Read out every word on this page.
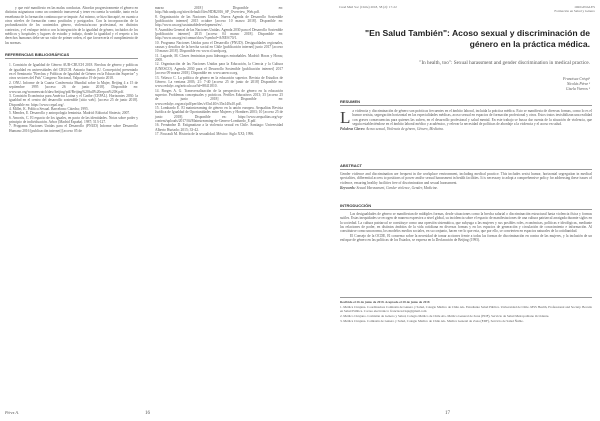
y que esté manifiesto en las malas conductas. Abordar progresivamente el género en distintas asignaturas como un contenido transversal y tener en cuenta la variable, tanto en la enseñanza de la formación continua que se impute. Así mismo, se hizo hincapié, en cuanto a otros niveles de formación como postítulos y postgrados. Con la incorporación de la profundización de los contenidos género, violencia/acoso profesional, en distintos contextos, y el enfoque teórico con la integración de la igualdad de género, incluidos de los médicos y hospitales y lugares de estudio y trabajo, donde la igualdad y el respeto a los derechos humanos debe ser un valor de primer orden, el que favorecería el cumplimiento de las normas.

REFERENCIAS BIBLIOGRÁFICAS

1. Comisión de Igualdad de Género AUR-CRUCH 2018. Brechas de género y políticas de igualdad en universidades del CRUCH. Antonia Santos (U. Concepción) presentado en el Seminario "Brechas y Políticas de Igualdad de Género en la Educación Superior" y otros sectores del País" Congreso Nacional, Valparaíso 19 de junio 2018.

2. ONU. Informe de la Cuarta Conferencia Mundial sobre la Mujer, Beijing 4 a 15 de septiembre 1995 [acceso 26 de junio 2018]. Disponible en: www.un.org/womenwatch/daw/beijing/pdf/Beijing%20full%20report%20S.pdf.

3. Comisión Económica para América Latina y el Caribe (CEPAL). Horizontes 2030: la igualdad en el centro del desarrollo sostenible [sitio web]. [acceso 25 de junio 2018]. Disponible en: https://www.cepal.org/.

4. Millet, K. Política Sexual. Barcelona: Cátedra; 1995.

5. Mendez, E. Desarrollo y antropología feminista. Madrid: Editorial Síntesis; 2007.

6. Amorós, C. El espacio de los iguales, en pacto de las identidades. Notas sobre poder y principio de individuación. Arbor (Madrid España). 1987; 513-127.

7. Programa Naciones Unidas para el Desarrollo (PNUD) Informe sobre Desarrollo Humano 2016 [publicación internet] [acceso 05 de

marzo 2018] Disponible en: http://hdr.undp.org/sites/default/files/HDR2016_SP_Overview_Web.pdf.

8. Organización de las Naciones Unidas. Nueva Agenda de Desarrollo Sostenible [publicación internet] 2015 octubre [acceso 10 marzo 2018]. Disponible en: http://www.un.org/sustainabledevelopment/es/.

9. Asamblea General de las Naciones Unidas. Agenda 2030 para el Desarrollo Sostenible [publicación internet] 2015 [acceso 04 marzo 2018]. Disponible en: http://www.un.org/es/comun/docs/?symbol=A/RES/70/1.

10. Programa Naciones Unidas para el Desarrollo (PNUD). Desigualdades regionales, causas y desafíos de la brecha social en Chile [publicación internet] junio 2017 [acceso 10 marzo 2018]. Disponible en: www.cl.undp.org.

11. Lagarde, M. Claves feministas para liderazgos entrañables. Madrid: Horas y Horas; 2005.

12. Organización de las Naciones Unidas para la Educación, la Ciencia y la Cultura (UNESCO). Agenda 2030 para el Desarrollo Sostenible [publicación internet] 2017 [acceso 09 marzo 2018]. Disponible en: www.unesco.org.

13. Velasco C. La política de género en la educación superior. Revista de Estudios de Género. La ventana 2003; 21: 7-40 [acceso 25 de junio de 2018] Disponible en: www.redalyc.org/articulo.oa?id=88411810.

14. Borges A. G. Transversalización de la perspectiva de género en la educación superior. Problemas conceptuales y prácticos. Perfiles Educativos 2013; 35 [acceso 25 de junio 2018] Disponible en: www.redalyc.org.mx/pdf/perfiles/v35n140/v35n140a10.pdf.

15. Lombardo E. El mainstreaming de género en la unión europea. Aequalitas Revista Jurídica de Igualdad de Oportunidades entre Mujeres y Hombres 2003; 10 [acceso 25 de junio 2018]. Disponible en: https://www.aequalitas.org/wp-content/uploads/2017/04/Mainstreaming-de-Genero-Lombardo_E.pdf.

16. Fernández D. Estigmatizar a la violencia sexual en Chile. Santiago: Universidad Alberto Hurtado; 2015; 33-42.

17. Foucault M. Historia de la sexualidad. México: Siglo XXI; 1996.

Pérez A.	16
Cuad Méd Soc (Chile) 2018, 58 (2): 17-22	ORIGINALES
Formación en Salud y Género
"En Salud También": Acoso sexual y discriminación de género en la práctica médica.
"In health, too": Sexual harassment and gender discrimination in medical practice.
Francisca Crispi¹
Nicolás Pérez ²
Gisela Viveros ³
RESUMEN
L a violencia y discriminación de género son prácticas frecuentes en el ámbito laboral, incluida la práctica médica. Esto se manifiesta de diversas formas, como lo es el humor sexista, segregación horizontal en las especialidades médicas, acoso sexual en espacios de formación profesional y otros. Estos tratos invisibilizan una realidad con graves consecuencias para quienes las sufren, en el desarrollo profesional y salud mental. En este trabajo se busca dar cuenta de la situación de violencia, que seguía estableciéndose en el ámbito laboral médico y académico, y relevar la necesidad de políticas de abordaje a la violencia y el acoso en salud.
Palabras Claves: Acoso sexual, Violencia de género, Género, Medicina.
ABSTRACT
Gender violence and discrimination are frequent in the workplace environment, including medical practice. This includes sexist humor, horizontal segregation in medical specialties, differential access to positions of power and/or sexual harassment in health facilities. It is necessary to adopt a comprehensive policy for addressing these issues of violence, ensuring healthy facilities free of discrimination and sexual harassment.
Keywords: Sexual Harassment, Gender violence, Gender, Medicine.
INTRODUCCIÓN

Las desigualdades de género se manifiestan de múltiples formas, desde situaciones como la brecha salarial o discriminación estructural hasta violencia física y formas sutiles. Estas inequidades se recogen de manera expresiva a nivel global, su incidencia sobre el espacio de manifestaciones de una cultura patriarcal arraigada durante siglos en la sociedad. La cultura patriarcal se constituye como una opresión sistemática, que subyuga a las mujeres y sus posibles roles, económicas, políticas e ideológicas, mediante las relaciones de poder, en distintos ámbitos de la vida cotidiana en diversas formas y en los espacios de generación y circulación de conocimiento e información. Al constituirse como una norma, los modelos medios sociales, en su conjunto, hacen ver lo que esta, que por ello, se convierten en espacios naturales de la cotidianidad.

El Consejo de la OCDE, El consenso sobre la necesidad de tomar acciones frente a todas las formas de discriminación en contra de las mujeres, y la inclusión de un enfoque de género en las políticas de los Estados, se expresa en la Declaración de Beijing (1995).

Recibido el 26 de junio de 2018. Aceptado el 28 de junio de 2018
1. Médica Cirujana. Coordinadora Comisión de Género y Salud, Colegio Médico de Chile AG. Estudiante Salud Pública. Universidad de Chile. MSS Health, Professional and Society. Becada en Salud Pública. Correo electrónico: franciscacrispi@gmail.com
2. Médico Cirujano. Comisión de Género y Salud, Colegio Médico de Chile AG. Médico General de Zona (EDF), Servicio de Salud Metropolitano Occidente.
3. Médica Cirujana. Comisión de Género y Salud, Colegio Médico de Chile AG. Médica General de Zona (EDF), Servicio de Salud Ñuble.
17
